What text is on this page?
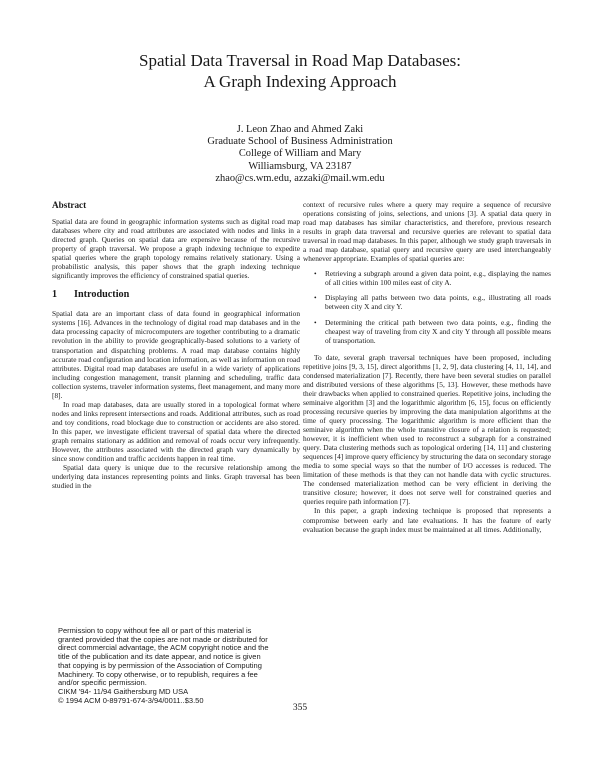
Spatial Data Traversal in Road Map Databases:
A Graph Indexing Approach
J. Leon Zhao and Ahmed Zaki
Graduate School of Business Administration
College of William and Mary
Williamsburg, VA 23187
zhao@cs.wm.edu, azzaki@mail.wm.edu
Abstract

Spatial data are found in geographic information systems such as digital road map databases where city and road attributes are associated with nodes and links in a directed graph. Queries on spatial data are expensive because of the recursive property of graph traversal. We propose a graph indexing technique to expedite spatial queries where the graph topology remains relatively stationary. Using a probabilistic analysis, this paper shows that the graph indexing technique significantly improves the efficiency of constrained spatial queries.

1 Introduction

Spatial data are an important class of data found in geographical information systems [16]. Advances in the technology of digital road map databases and in the data processing capacity of microcomputers are together contributing to a dramatic revolution in the ability to provide geographically-based solutions to a variety of transportation and dispatching problems. A road map database contains highly accurate road configuration and location information, as well as information on road attributes. Digital road map databases are useful in a wide variety of applications including congestion management, transit planning and scheduling, traffic data collection systems, traveler information systems, fleet management, and many more [8].

In road map databases, data are usually stored in a topological format where nodes and links represent intersections and roads. Additional attributes, such as road and toy conditions, road blockage due to construction or accidents are also stored. In this paper, we investigate efficient traversal of spatial data where the directed graph remains stationary as addition and removal of roads occur very infrequently. However, the attributes associated with the directed graph vary dynamically by since snow condition and traffic accidents happen in real time.

Spatial data query is unique due to the recursive relationship among the underlying data instances representing points and links. Graph traversal has been studied in the

Permission to copy without fee all or part of this material is
granted provided that the copies are not made or distributed for
direct commercial advantage, the ACM copyright notice and the
title of the publication and its date appear, and notice is given
that copying is by permission of the Association of Computing
Machinery. To copy otherwise, or to republish, requires a fee
and/or specific permission.
CIKM '94- 11/94 Gaithersburg MD USA
© 1994 ACM 0-89791-674-3/94/0011..$3.50

context of recursive rules where a query may require a sequence of recursive operations consisting of joins, selections, and unions [3]. A spatial data query in road map databases has similar characteristics, and therefore, previous research results in graph data traversal and recursive queries are relevant to spatial data traversal in road map databases. In this paper, although we study graph traversals in a road map database, spatial query and recursive query are used interchangeably whenever appropriate. Examples of spatial queries are:

• Retrieving a subgraph around a given data point, e.g., displaying the names of all cities within 100 miles east of city A.
• Displaying all paths between two data points, e.g., illustrating all roads between city X and city Y.
• Determining the critical path between two data points, e.g., finding the cheapest way of traveling from city X and city Y through all possible means of transportation.

To date, several graph traversal techniques have been proposed, including repetitive joins [9, 3, 15], direct algorithms [1, 2, 9], data clustering [4, 11, 14], and condensed materialization [7]. Recently, there have been several studies on parallel and distributed versions of these algorithms [5, 13]. However, these methods have their drawbacks when applied to constrained queries. Repetitive joins, including the seminaive algorithm [3] and the logarithmic algorithm [6, 15], focus on efficiently processing recursive queries by improving the data manipulation algorithms at the time of query processing. The logarithmic algorithm is more efficient than the seminaive algorithm when the whole transitive closure of a relation is requested; however, it is inefficient when used to reconstruct a subgraph for a constrained query. Data clustering methods such as topological ordering [14, 11] and clustering sequences [4] improve query efficiency by structuring the data on secondary storage media to some special ways so that the number of I/O accesses is reduced. The limitation of these methods is that they can not handle data with cyclic structures. The condensed materialization method can be very efficient in deriving the transitive closure; however, it does not serve well for constrained queries and queries require path information [7].

In this paper, a graph indexing technique is proposed that represents a compromise between early and late evaluations. It has the feature of early evaluation because the graph index must be maintained at all times. Additionally,

355
